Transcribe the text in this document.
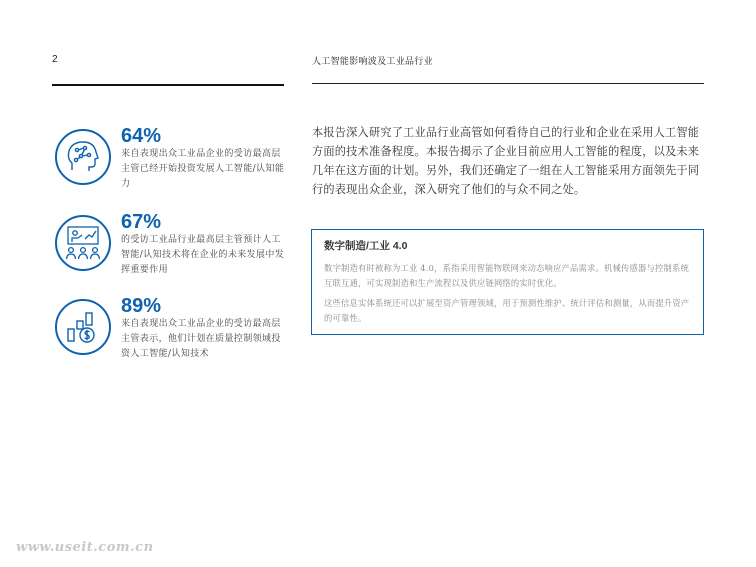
2	人工智能影响波及工业品行业
64%
来自表现出众工业品企业的受访最高层主管已经开始投资发展人工智能/认知能力
67%
的受访工业品行业最高层主管预计人工智能/认知技术将在企业的未来发展中发挥重要作用
89%
来自表现出众工业品企业的受访最高层主管表示，他们计划在质量控制领域投资人工智能/认知技术
本报告深入研究了工业品行业高管如何看待自己的行业和企业在采用人工智能方面的技术准备程度。本报告揭示了企业目前应用人工智能的程度，以及未来几年在这方面的计划。另外，我们还确定了一组在人工智能采用方面领先于同行的表现出众企业，深入研究了他们的与众不同之处。
数字制造/工业 4.0

数字制造有时被称为工业 4.0，系指采用智能物联网来动态响应产品需求。机械传感器与控制系统互联互通，可实现制造和生产流程以及供应链网络的实时优化。

这些信息实体系统还可以扩展至资产管理领域，用于预测性维护、统计评估和测量，从而提升资产的可靠性。

www.useit.com.cn
